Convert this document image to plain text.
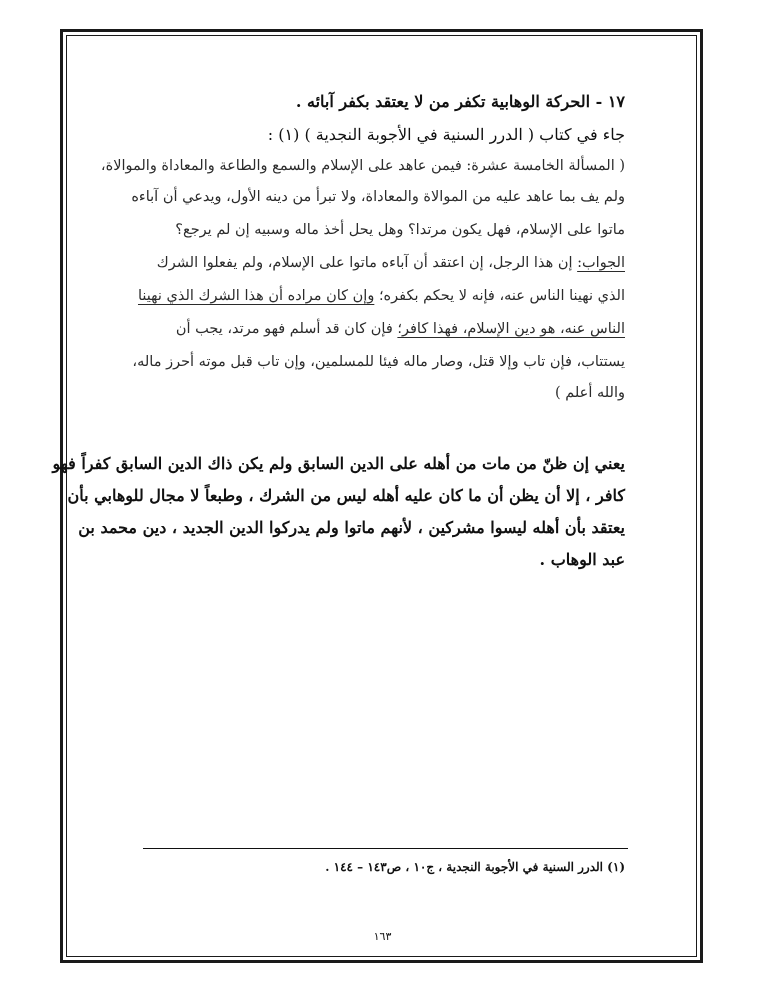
١٧ - الحركة الوهابية تكفر من لا يعتقد بكفر آبائه .
جاء في كتاب ( الدرر السنية في الأجوبة النجدية ) (١) :
( المسألة الخامسة عشرة: فيمن عاهد على الإسلام والسمع والطاعة والمعاداة والموالاة،
ولم يف بما عاهد عليه من الموالاة والمعاداة، ولا تبرأ من دينه الأول، ويدعي أن آباءه
ماتوا على الإسلام، فهل يكون مرتدا؟ وهل يحل أخذ ماله وسبيه إن لم يرجع؟
الجواب: إن هذا الرجل، إن اعتقد أن آباءه ماتوا على الإسلام، ولم يفعلوا الشرك
الذي نهينا الناس عنه، فإنه لا يحكم بكفره؛ وإن كان مراده أن هذا الشرك الذي نهينا
الناس عنه، هو دين الإسلام، فهذا كافر؛ فإن كان قد أسلم فهو مرتد، يجب أن
يستتاب، فإن تاب وإلا قتل، وصار ماله فيئا للمسلمين، وإن تاب قبل موته أحرز ماله،
والله أعلم )
يعني إن ظنّ من مات من أهله على الدين السابق ولم يكن ذاك الدين السابق كفراً فهو
كافر ، إلا أن يظن أن ما كان عليه أهله ليس من الشرك ، وطبعاً لا مجال للوهابي بأن
يعتقد بأن أهله ليسوا مشركين ، لأنهم ماتوا ولم يدركوا الدين الجديد ، دين محمد بن
عبد الوهاب .
(١) الدرر السنية في الأجوبة النجدية ، ج١٠ ، ص١٤٣ – ١٤٤ .
١٦٣
